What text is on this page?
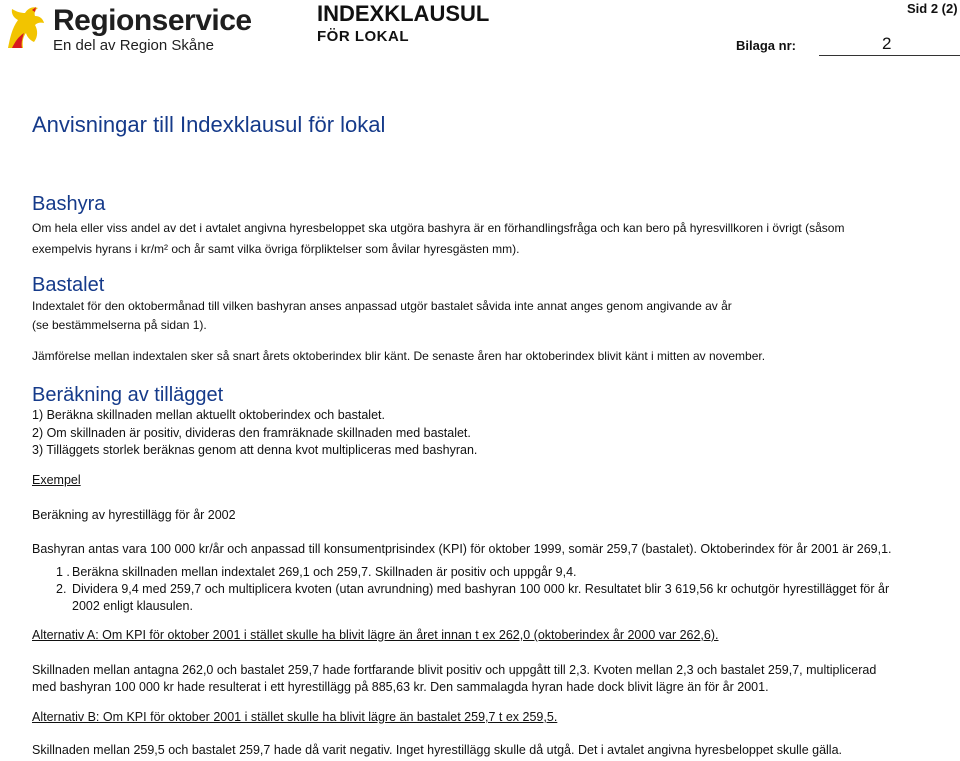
Regionservice
En del av Region Skåne
INDEXKLAUSUL
FÖR LOKAL
Sid 2 (2)
Bilaga nr:	2
Anvisningar till Indexklausul för lokal
Bashyra
Om hela eller viss andel av det i avtalet angivna hyresbeloppet ska utgöra bashyra är en förhandlingsfråga och kan bero på hyresvillkoren i övrigt (såsom
exempelvis hyrans i kr/m² och år samt vilka övriga förpliktelser som åvilar hyresgästen mm).
Bastalet
Indextalet för den oktobermånad till vilken bashyran anses anpassad utgör bastalet såvida inte annat anges genom angivande av år
(se bestämmelserna på sidan 1).
Jämförelse mellan indextalen sker så snart årets oktoberindex blir känt. De senaste åren har oktoberindex blivit känt i mitten av november.
Beräkning av tillägget
1) Beräkna skillnaden mellan aktuellt oktoberindex och bastalet.
2) Om skillnaden är positiv, divideras den framräknade skillnaden med bastalet.
3) Tilläggets storlek beräknas genom att denna kvot multipliceras med bashyran.
Exempel
Beräkning av hyrestillägg för år 2002
Bashyran antas vara 100 000 kr/år och anpassad till konsumentprisindex (KPI) för oktober 1999, somär 259,7 (bastalet). Oktoberindex för år 2001 är 269,1.
1 . Beräkna skillnaden mellan indextalet 269,1 och 259,7. Skillnaden är positiv och uppgår 9,4.
2. Dividera 9,4 med 259,7 och multiplicera kvoten (utan avrundning) med bashyran 100 000 kr. Resultatet blir 3 619,56 kr ochutgör hyrestillägget för år
2002 enligt klausulen.
Alternativ A: Om KPI för oktober 2001 i stället skulle ha blivit lägre än året innan t ex 262,0 (oktoberindex år 2000 var 262,6).
Skillnaden mellan antagna 262,0 och bastalet 259,7 hade fortfarande blivit positiv och uppgått till 2,3. Kvoten mellan 2,3 och bastalet 259,7, multiplicerad
med bashyran 100 000 kr hade resulterat i ett hyrestillägg på 885,63 kr. Den sammalagda hyran hade dock blivit lägre än för år 2001.
Alternativ B: Om KPI för oktober 2001 i stället skulle ha blivit lägre än bastalet 259,7 t ex 259,5.
Skillnaden mellan 259,5 och bastalet 259,7 hade då varit negativ. Inget hyrestillägg skulle då utgå. Det i avtalet angivna hyresbeloppet skulle gälla.
